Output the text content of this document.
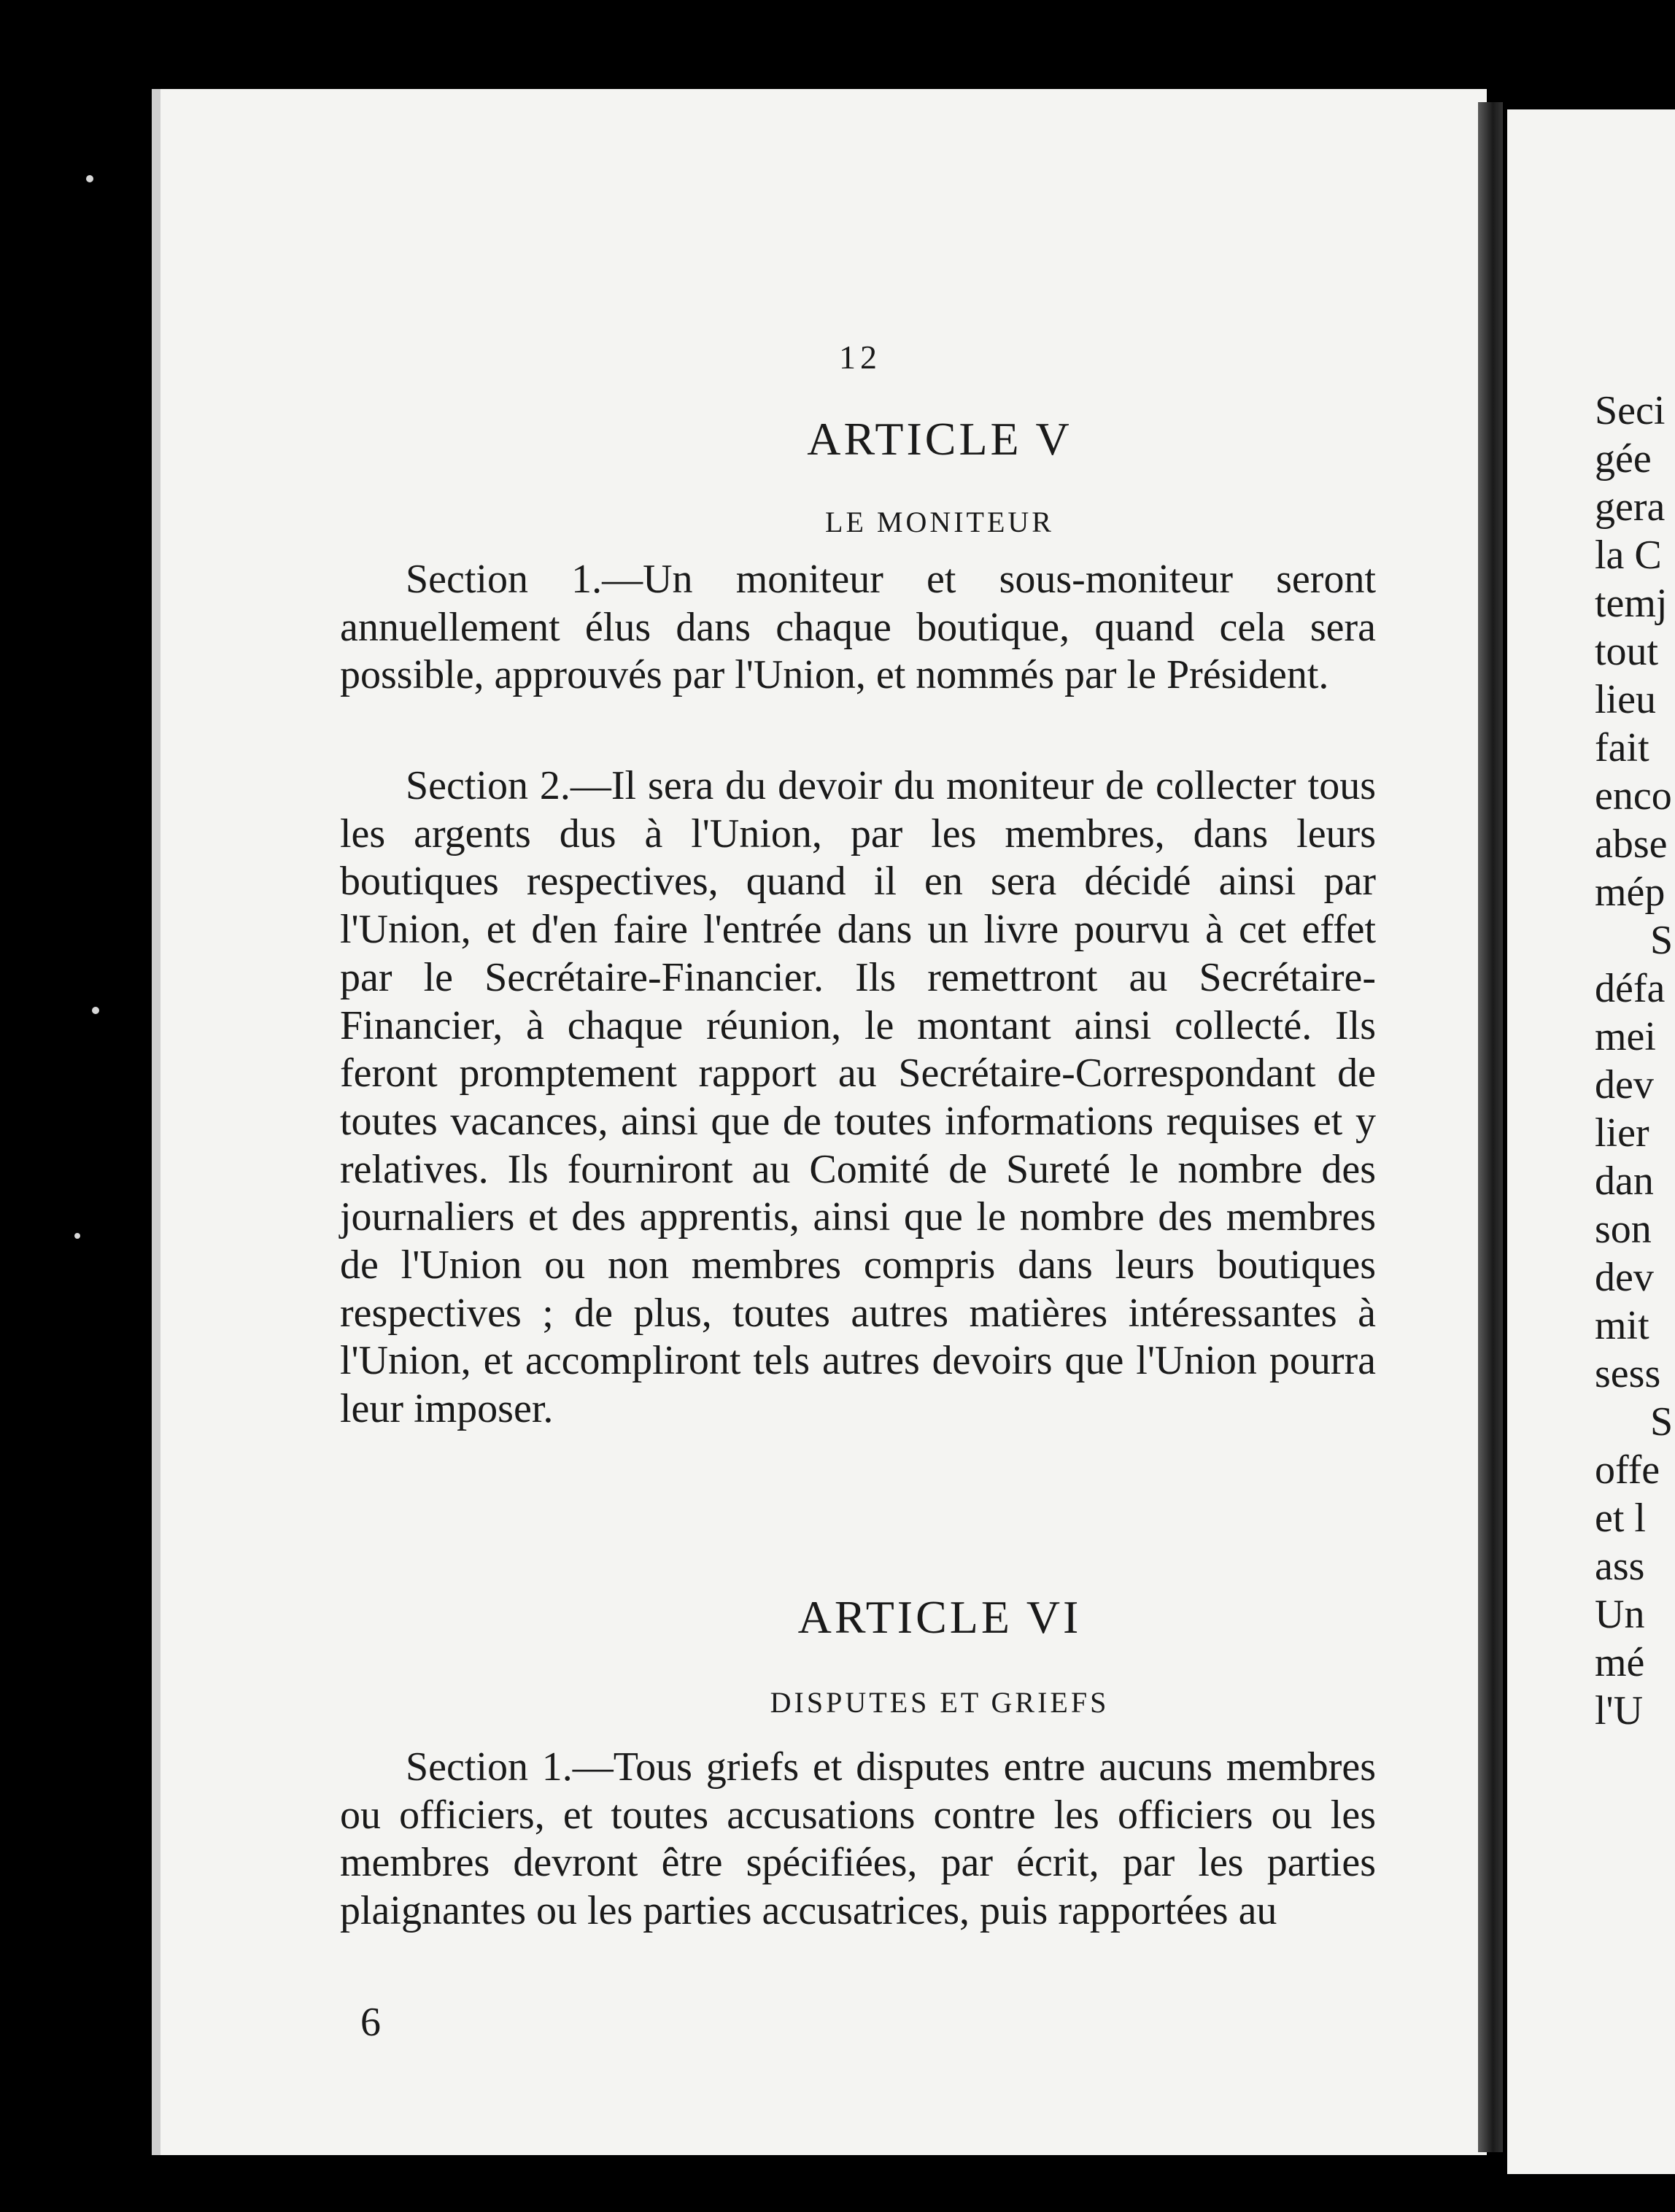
Seci
gée
gera
la C
temj
tout
lieu
fait
enco
abse
mép
S
défa
mei
dev
lier
dan
son
dev
mit
sess
S
offe
et l
ass
Un
mé
l'U
12
ARTICLE V
LE MONITEUR

Section 1.—Un moniteur et sous-moniteur seront annuellement élus dans chaque boutique, quand cela sera possible, approuvés par l'Union, et nommés par le Président.

Section 2.—Il sera du devoir du moniteur de collecter tous les argents dus à l'Union, par les membres, dans leurs boutiques respectives, quand il en sera décidé ainsi par l'Union, et d'en faire l'entrée dans un livre pourvu à cet effet par le Secrétaire-Financier. Ils remettront au Secrétaire-Financier, à chaque réunion, le montant ainsi collecté. Ils feront promptement rapport au Secrétaire-Correspondant de toutes vacances, ainsi que de toutes informations requises et y relatives. Ils fourniront au Comité de Sureté le nombre des journaliers et des apprentis, ainsi que le nombre des membres de l'Union ou non membres compris dans leurs boutiques respectives ; de plus, toutes autres matières intéressantes à l'Union, et accompliront tels autres devoirs que l'Union pourra leur imposer.

ARTICLE VI
DISPUTES ET GRIEFS

Section 1.—Tous griefs et disputes entre aucuns membres ou officiers, et toutes accusations contre les officiers ou les membres devront être spécifiées, par écrit, par les parties plaignantes ou les parties accusatrices, puis rapportées au

6
